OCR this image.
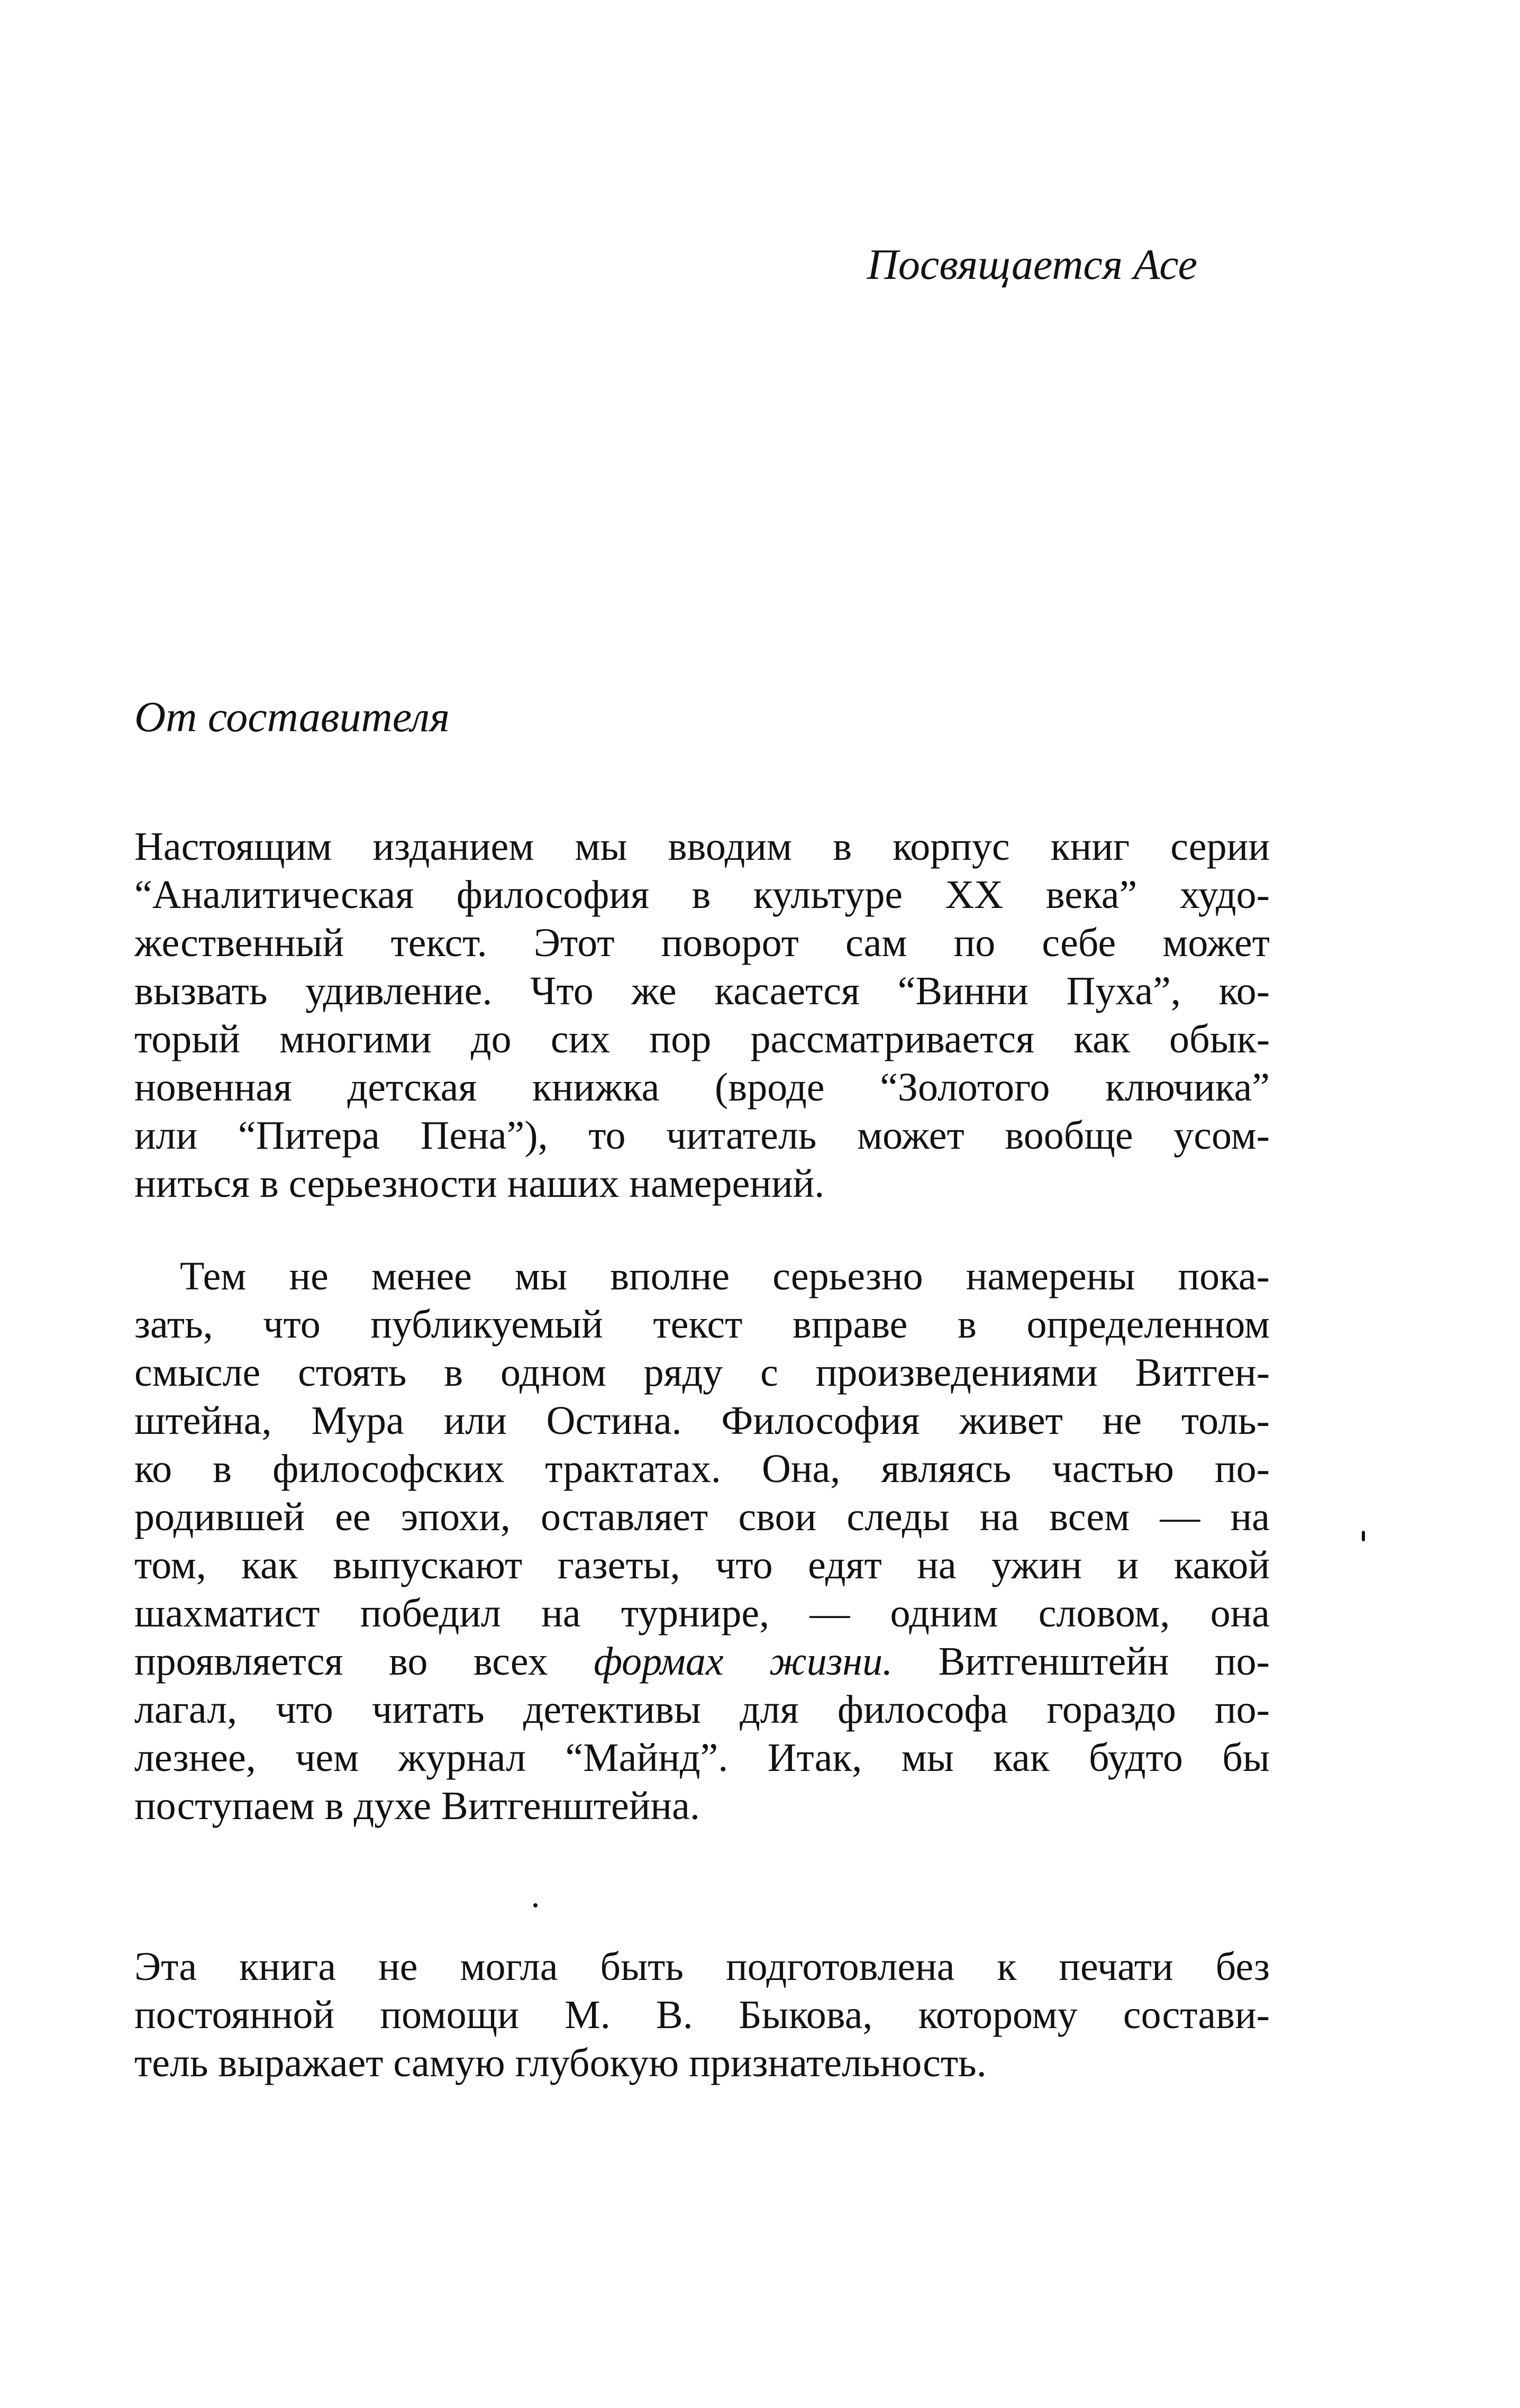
Посвящается Асе
От составителя
Настоящим изданием мы вводим в корпус книг серии
“Аналитическая философия в культуре XX века” худо-
жественный текст. Этот поворот сам по себе может
вызвать удивление. Что же касается “Винни Пуха”, ко-
торый многими до сих пор рассматривается как обык-
новенная детская книжка (вроде “Золотого ключика”
или “Питера Пена”), то читатель может вообще усом-
ниться в серьезности наших намерений.
Тем не менее мы вполне серьезно намерены пока-
зать, что публикуемый текст вправе в определенном
смысле стоять в одном ряду с произведениями Витген-
штейна, Мура или Остина. Философия живет не толь-
ко в философских трактатах. Она, являясь частью по-
родившей ее эпохи, оставляет свои следы на всем — на
том, как выпускают газеты, что едят на ужин и какой
шахматист победил на турнире, — одним словом, она
проявляется во всех формах жизни. Витгенштейн по-
лагал, что читать детективы для философа гораздо по-
лезнее, чем журнал “Майнд”. Итак, мы как будто бы
поступаем в духе Витгенштейна.
Эта книга не могла быть подготовлена к печати без
постоянной помощи М. В. Быкова, которому состави-
тель выражает самую глубокую признательность.
